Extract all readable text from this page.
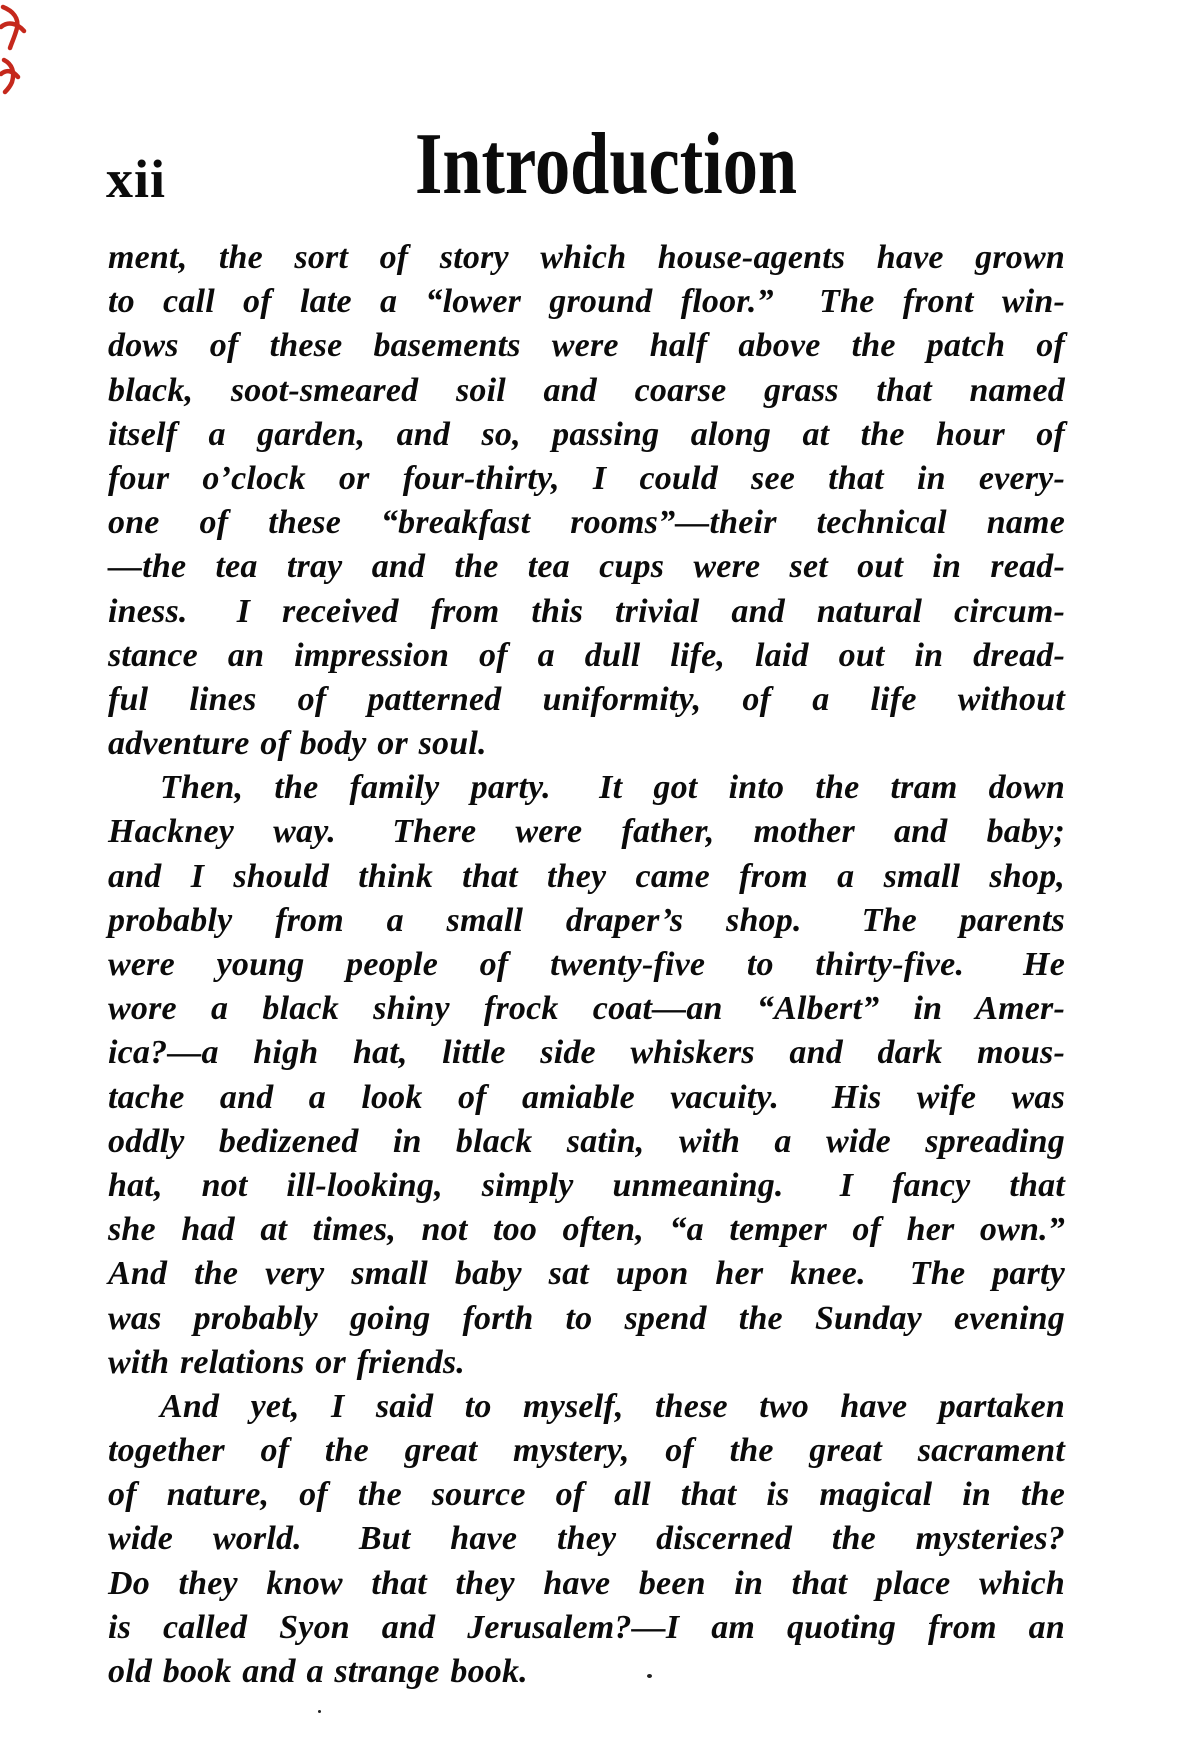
xii	Introduction
ment, the sort of story which house-agents have grown
to call of late a “lower ground floor.”  The front win-
dows of these basements were half above the patch of
black, soot-smeared soil and coarse grass that named
itself a garden, and so, passing along at the hour of
four o’clock or four-thirty, I could see that in every-
one of these “breakfast rooms”—their technical name
—the tea tray and the tea cups were set out in read-
iness.  I received from this trivial and natural circum-
stance an impression of a dull life, laid out in dread-
ful lines of patterned uniformity, of a life without
adventure of body or soul.
Then, the family party.  It got into the tram down
Hackney way.  There were father, mother and baby;
and I should think that they came from a small shop,
probably from a small draper’s shop.  The parents
were young people of twenty-five to thirty-five.  He
wore a black shiny frock coat—an “Albert” in Amer-
ica?—a high hat, little side whiskers and dark mous-
tache and a look of amiable vacuity.  His wife was
oddly bedizened in black satin, with a wide spreading
hat, not ill-looking, simply unmeaning.  I fancy that
she had at times, not too often, “a temper of her own.”
And the very small baby sat upon her knee.  The party
was probably going forth to spend the Sunday evening
with relations or friends.
And yet, I said to myself, these two have partaken
together of the great mystery, of the great sacrament
of nature, of the source of all that is magical in the
wide world.  But have they discerned the mysteries?
Do they know that they have been in that place which
is called Syon and Jerusalem?—I am quoting from an
old book and a strange book.
